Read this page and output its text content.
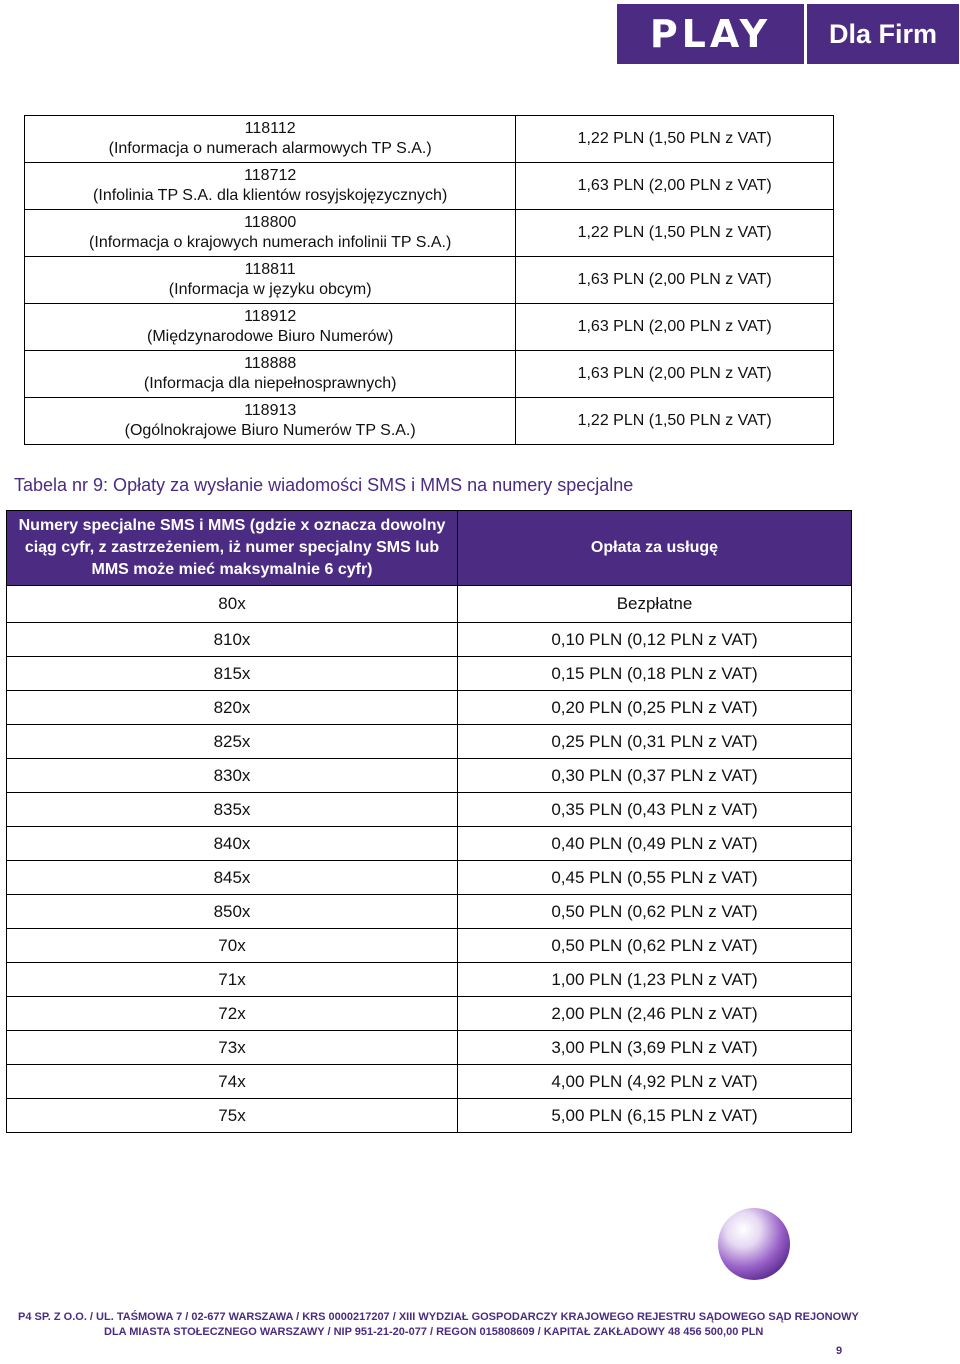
PLAY	Dla Firm
118112
(Informacja o numerach alarmowych TP S.A.)	1,22 PLN (1,50 PLN z VAT)

118712
(Infolinia TP S.A. dla klientów rosyjskojęzycznych)	1,63 PLN (2,00 PLN z VAT)

118800
(Informacja o krajowych numerach infolinii TP S.A.)	1,22 PLN (1,50 PLN z VAT)

118811
(Informacja w języku obcym)	1,63 PLN (2,00 PLN z VAT)

118912
(Międzynarodowe Biuro Numerów)	1,63 PLN (2,00 PLN z VAT)

118888
(Informacja dla niepełnosprawnych)	1,63 PLN (2,00 PLN z VAT)

118913
(Ogólnokrajowe Biuro Numerów TP S.A.)	1,22 PLN (1,50 PLN z VAT)
Tabela nr 9: Opłaty za wysłanie wiadomości SMS i MMS na numery specjalne
Numery specjalne SMS i MMS (gdzie x oznacza dowolny ciąg cyfr, z zastrzeżeniem, iż numer specjalny SMS lub MMS może mieć maksymalnie 6 cyfr)	Opłata za usługę
80x	Bezpłatne
810x	0,10 PLN (0,12 PLN z VAT)
815x	0,15 PLN (0,18 PLN z VAT)
820x	0,20 PLN (0,25 PLN z VAT)
825x	0,25 PLN (0,31 PLN z VAT)
830x	0,30 PLN (0,37 PLN z VAT)
835x	0,35 PLN (0,43 PLN z VAT)
840x	0,40 PLN (0,49 PLN z VAT)
845x	0,45 PLN (0,55 PLN z VAT)
850x	0,50 PLN (0,62 PLN z VAT)
70x	0,50 PLN (0,62 PLN z VAT)
71x	1,00 PLN (1,23 PLN z VAT)
72x	2,00 PLN (2,46 PLN z VAT)
73x	3,00 PLN (3,69 PLN z VAT)
74x	4,00 PLN (4,92 PLN z VAT)
75x	5,00 PLN (6,15 PLN z VAT)
P4 SP. Z O.O. / UL. TAŚMOWA 7 / 02-677 WARSZAWA / KRS 0000217207 / XIII WYDZIAŁ GOSPODARCZY KRAJOWEGO REJESTRU SĄDOWEGO SĄD REJONOWY
DLA MIASTA STOŁECZNEGO WARSZAWY / NIP 951-21-20-077 / REGON 015808609 / KAPITAŁ ZAKŁADOWY 48 456 500,00 PLN
9
